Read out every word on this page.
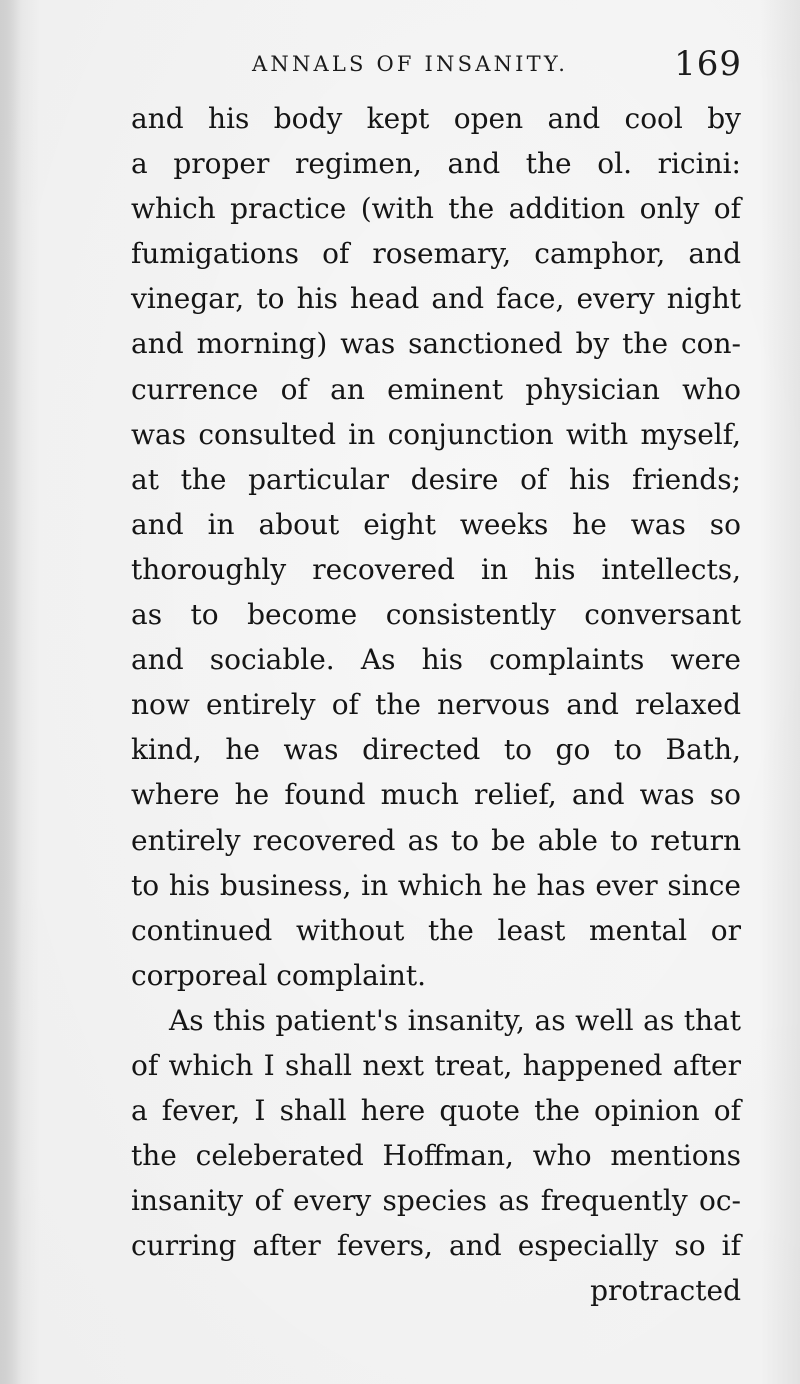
ANNALS OF INSANITY.	169
and his body kept open and cool by
a proper regimen, and the ol. ricini:
which practice (with the addition only of
fumigations of rosemary, camphor, and
vinegar, to his head and face, every night
and morning) was sanctioned by the con-
currence of an eminent physician who
was consulted in conjunction with myself,
at the particular desire of his friends;
and in about eight weeks he was so
thoroughly recovered in his intellects,
as to become consistently conversant
and sociable. As his complaints were
now entirely of the nervous and relaxed
kind, he was directed to go to Bath,
where he found much relief, and was so
entirely recovered as to be able to return
to his business, in which he has ever since
continued without the least mental or
corporeal complaint.
As this patient's insanity, as well as that
of which I shall next treat, happened after
a fever, I shall here quote the opinion of
the celeberated Hoffman, who mentions
insanity of every species as frequently oc-
curring after fevers, and especially so if
protracted
